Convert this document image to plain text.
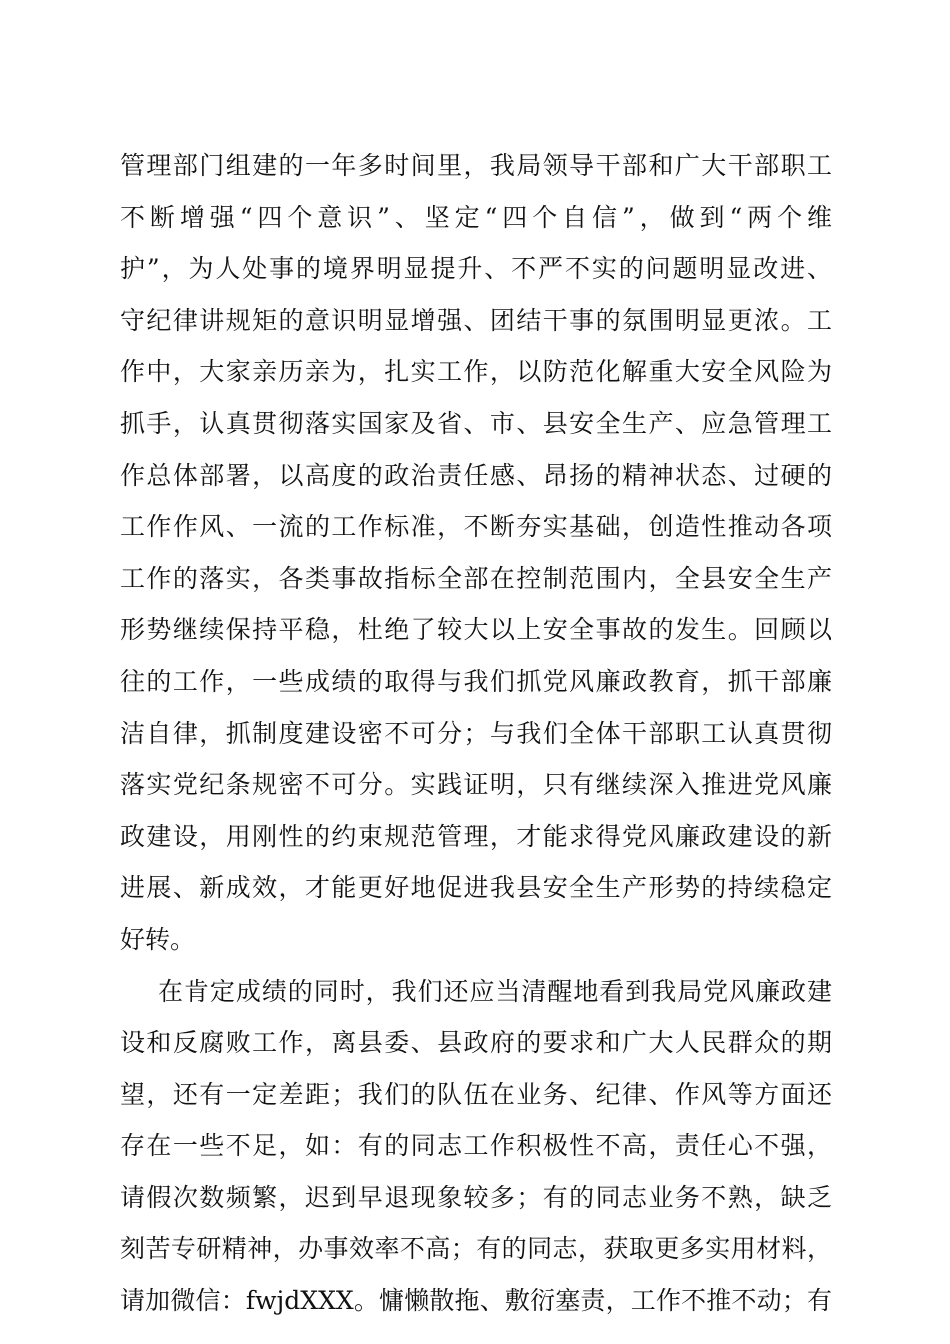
管理部门组建的一年多时间里，我局领导干部和广大干部职工
不断增强“四个意识”、坚定“四个自信”，做到“两个维
护”，为人处事的境界明显提升、不严不实的问题明显改进、
守纪律讲规矩的意识明显增强、团结干事的氛围明显更浓。工
作中，大家亲历亲为，扎实工作，以防范化解重大安全风险为
抓手，认真贯彻落实国家及省、市、县安全生产、应急管理工
作总体部署，以高度的政治责任感、昂扬的精神状态、过硬的
工作作风、一流的工作标准，不断夯实基础，创造性推动各项
工作的落实，各类事故指标全部在控制范围内，全县安全生产
形势继续保持平稳，杜绝了较大以上安全事故的发生。回顾以
往的工作，一些成绩的取得与我们抓党风廉政教育，抓干部廉
洁自律，抓制度建设密不可分；与我们全体干部职工认真贯彻
落实党纪条规密不可分。实践证明，只有继续深入推进党风廉
政建设，用刚性的约束规范管理，才能求得党风廉政建设的新
进展、新成效，才能更好地促进我县安全生产形势的持续稳定
好转。
在肯定成绩的同时，我们还应当清醒地看到我局党风廉政建
设和反腐败工作，离县委、县政府的要求和广大人民群众的期
望，还有一定差距；我们的队伍在业务、纪律、作风等方面还
存在一些不足，如：有的同志工作积极性不高，责任心不强，
请假次数频繁，迟到早退现象较多；有的同志业务不熟，缺乏
刻苦专研精神，办事效率不高；有的同志，获取更多实用材料，
请加微信：fwjdXXX。慵懒散拖、敷衍塞责，工作不推不动；有
